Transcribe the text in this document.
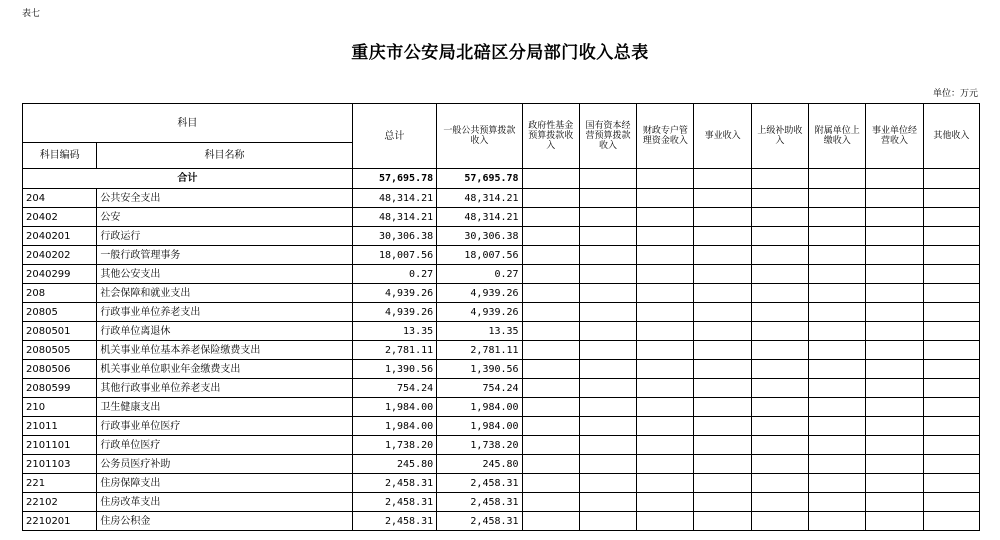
表七
重庆市公安局北碚区分局部门收入总表
单位：万元
科目		总计	一般公共预算拨款收入	政府性基金预算拨款收入	国有资本经营预算拨款收入	财政专户管理资金收入	事业收入	上级补助收入	附属单位上缴收入	事业单位经营收入	其他收入
科目编码	科目名称										
合计		57,695.78	57,695.78								
204	公共安全支出	48,314.21	48,314.21								
20402	公安	48,314.21	48,314.21								
2040201	行政运行	30,306.38	30,306.38								
2040202	一般行政管理事务	18,007.56	18,007.56								
2040299	其他公安支出	0.27	0.27								
208	社会保障和就业支出	4,939.26	4,939.26								
20805	行政事业单位养老支出	4,939.26	4,939.26								
2080501	行政单位离退休	13.35	13.35								
2080505	机关事业单位基本养老保险缴费支出	2,781.11	2,781.11								
2080506	机关事业单位职业年金缴费支出	1,390.56	1,390.56								
2080599	其他行政事业单位养老支出	754.24	754.24								
210	卫生健康支出	1,984.00	1,984.00								
21011	行政事业单位医疗	1,984.00	1,984.00								
2101101	行政单位医疗	1,738.20	1,738.20								
2101103	公务员医疗补助	245.80	245.80								
221	住房保障支出	2,458.31	2,458.31								
22102	住房改革支出	2,458.31	2,458.31								
2210201	住房公积金	2,458.31	2,458.31								
